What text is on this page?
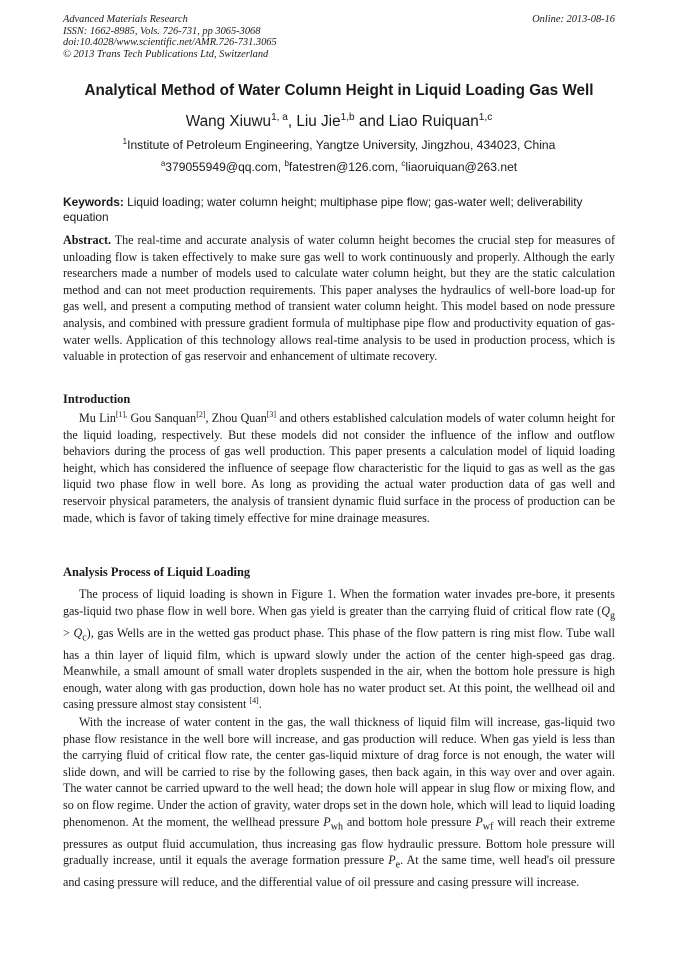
Advanced Materials Research
ISSN: 1662-8985, Vols. 726-731, pp 3065-3068
doi:10.4028/www.scientific.net/AMR.726-731.3065
© 2013 Trans Tech Publications Ltd, Switzerland
Online: 2013-08-16
Analytical Method of Water Column Height in Liquid Loading Gas Well
Wang Xiuwu$^{1, a}$, Liu Jie$^{1,b}$ and Liao Ruiquan$^{1,c}$
$^1$Institute of Petroleum Engineering, Yangtze University, Jingzhou, 434023, China
$^a$379055949@qq.com, $^b$fatestren@126.com, $^c$liaoruiquan@263.net
Keywords: Liquid loading; water column height; multiphase pipe flow; gas-water well; deliverability equation
Abstract. The real-time and accurate analysis of water column height becomes the crucial step for measures of unloading flow is taken effectively to make sure gas well to work continuously and properly. Although the early researchers made a number of models used to calculate water column height, but they are the static calculation method and can not meet production requirements. This paper analyses the hydraulics of well-bore load-up for gas well, and present a computing method of transient water column height. This model based on node pressure analysis, and combined with pressure gradient formula of multiphase pipe flow and productivity equation of gas- water wells. Application of this technology allows real-time analysis to be used in production process, which is valuable in protection of gas reservoir and enhancement of ultimate recovery.
Introduction
Mu Lin$^{[1],}$ Gou Sanquan[2], Zhou Quan[3] and others established calculation models of water column height for the liquid loading, respectively. But these models did not consider the influence of the inflow and outflow behaviors during the process of gas well production. This paper presents a calculation model of liquid loading height, which has considered the influence of seepage flow characteristic for the liquid to gas as well as the gas liquid two phase flow in well bore. As long as providing the actual water production data of gas well and reservoir physical parameters, the analysis of transient dynamic fluid surface in the process of production can be made, which is favor of taking timely effective for mine drainage measures.
Analysis Process of Liquid Loading
The process of liquid loading is shown in Figure 1. When the formation water invades pre-bore, it presents gas-liquid two phase flow in well bore. When gas yield is greater than the carrying fluid of critical flow rate $(Q_g > Q_c)$, gas Wells are in the wetted gas product phase. This phase of the flow pattern is ring mist flow. Tube wall has a thin layer of liquid film, which is upward slowly under the action of the center high-speed gas drag. Meanwhile, a small amount of small water droplets suspended in the air, when the bottom hole pressure is high enough, water along with gas production, down hole has no water product set. At this point, the wellhead oil and casing pressure almost stay consistent [4].
With the increase of water content in the gas, the wall thickness of liquid film will increase, gas-liquid two phase flow resistance in the well bore will increase, and gas production will reduce. When gas yield is less than the carrying fluid of critical flow rate, the center gas-liquid mixture of drag force is not enough, the water will slide down, and will be carried to rise by the following gases, then back again, in this way over and over again. The water cannot be carried upward to the well head; the down hole will appear in slug flow or mixing flow, and so on flow regime. Under the action of gravity, water drops set in the down hole, which will lead to liquid loading phenomenon. At the moment, the wellhead pressure $P_{wh}$ and bottom hole pressure $P_{wf}$ will reach their extreme pressures as output fluid accumulation, thus increasing gas flow hydraulic pressure. Bottom hole pressure will gradually increase, until it equals the average formation pressure $P_e$. At the same time, well head's oil pressure and casing pressure will reduce, and the differential value of oil pressure and casing pressure will increase.
